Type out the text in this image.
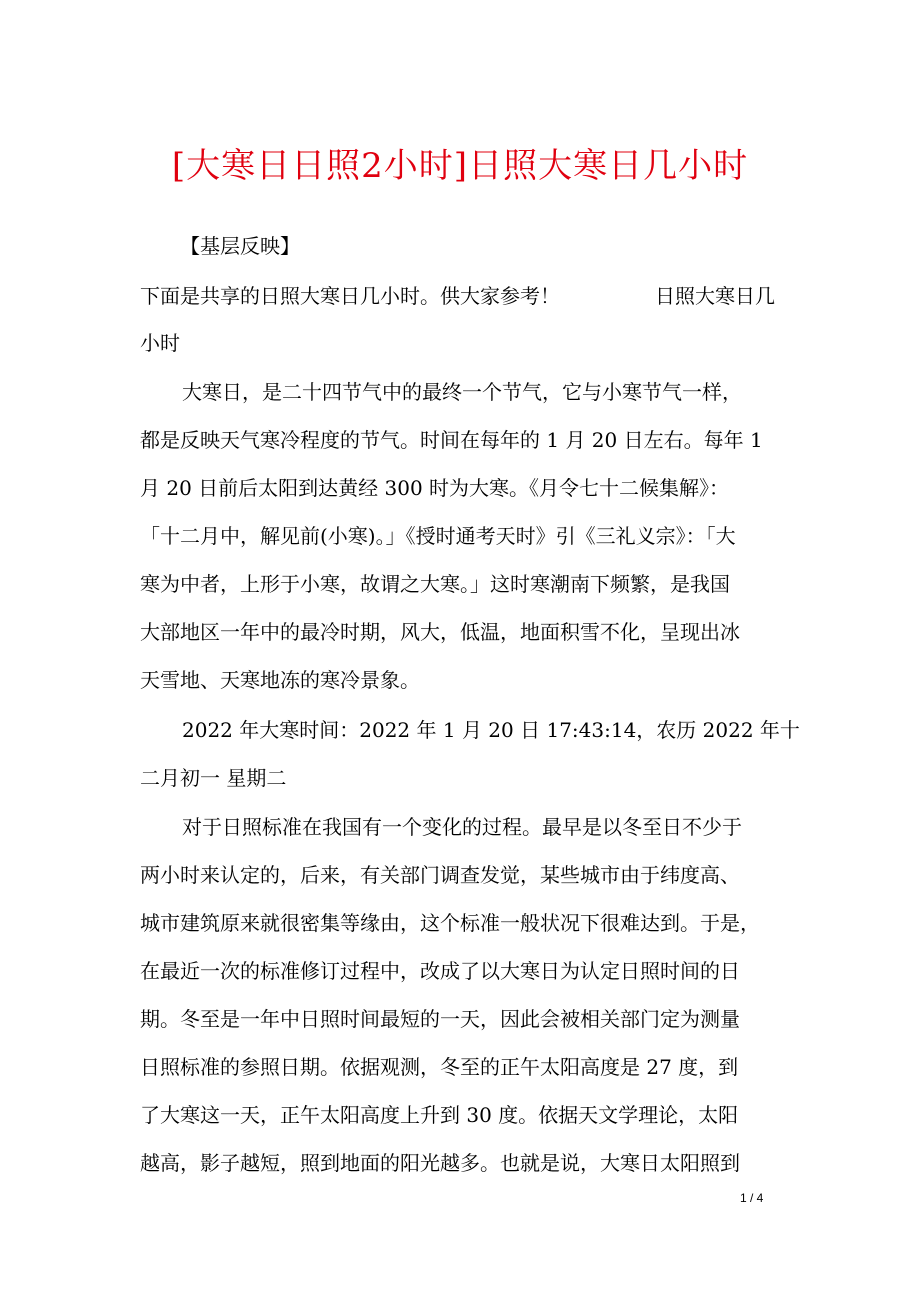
[大寒日日照2小时]日照大寒日几小时
【基层反映】
下面是共享的日照大寒日几小时。供大家参考！	日照大寒日几
小时
大寒日，是二十四节气中的最终一个节气，它与小寒节气一样，
都是反映天气寒冷程度的节气。时间在每年的 1 月 20 日左右。每年 1
月 20 日前后太阳到达黄经 300 时为大寒。《月令七十二候集解》：
「十二月中，解见前(小寒)。」《授时通考天时》引《三礼义宗》：「大
寒为中者，上形于小寒，故谓之大寒。」这时寒潮南下频繁，是我国
大部地区一年中的最冷时期，风大，低温，地面积雪不化，呈现出冰
天雪地、天寒地冻的寒冷景象。
2022 年大寒时间：2022 年 1 月 20 日 17:43:14，农历 2022 年十
二月初一 星期二
对于日照标准在我国有一个变化的过程。最早是以冬至日不少于
两小时来认定的，后来，有关部门调查发觉，某些城市由于纬度高、
城市建筑原来就很密集等缘由，这个标准一般状况下很难达到。于是，
在最近一次的标准修订过程中，改成了以大寒日为认定日照时间的日
期。冬至是一年中日照时间最短的一天，因此会被相关部门定为测量
日照标准的参照日期。依据观测，冬至的正午太阳高度是 27 度，到
了大寒这一天，正午太阳高度上升到 30 度。依据天文学理论，太阳
越高，影子越短，照到地面的阳光越多。也就是说，大寒日太阳照到
1 / 4
